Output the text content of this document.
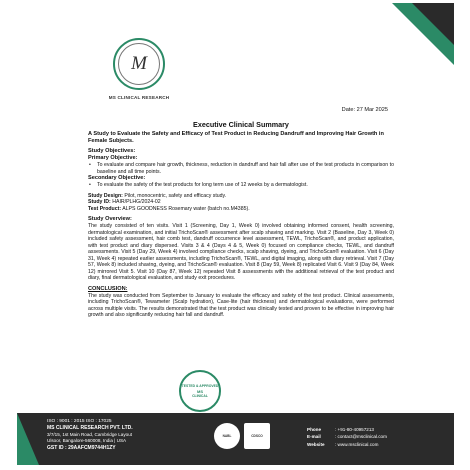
M
MS CLINICAL RESEARCH
Date: 27 Mar 2025
Executive Clinical Summary
A Study to Evaluate the Safety and Efficacy of Test Product in Reducing Dandruff and Improving Hair Growth in Female Subjects.
Study Objectives:
Primary Objective:
• To evaluate and compare hair growth, thickness, reduction in dandruff and hair fall after use of the test products in comparison to baseline and all time points.
Secondary Objective:
• To evaluate the safety of the test products for long term use of 12 weeks by a dermatologist.
Study Design: Pilot, monocentric, safety and efficacy study.
Study ID: HAIR/PLHG/2024-02
Test Product: ALPS GOODNESS Rosemary water (batch no.M4385).
Study Overview:

The study consisted of ten visits. Visit 1 (Screening, Day 1, Week 0) involved obtaining informed consent, health screening, dermatological examination, and initial TrichoScan® assessment after scalp shaving and marking. Visit 2 (Baseline, Day 3, Week 0) included safety assessment, hair comb test, dandruff occurrence level assessment, TEWL, TrichoScan®, and product application, with test product and diary dispersed. Visits 3 & 4 (Days 4 & 5, Week 0) focused on compliance checks, TEWL, and dandruff assessments. Visit 5 (Day 29, Week 4) involved compliance checks, scalp shaving, dyeing, and TrichoScan® evaluation. Visit 6 (Day 31, Week 4) repeated earlier assessments, including TrichoScan®, TEWL, and digital imaging, along with diary retrieval. Visit 7 (Day 57, Week 8) included shaving, dyeing, and TrichoScan® evaluation. Visit 8 (Day 59, Week 8) replicated Visit 6. Visit 9 (Day 84, Week 12) mirrored Visit 5. Visit 10 (Day 87, Week 12) repeated Visit 8 assessments with the additional retrieval of the test product and diary, final dermatological evaluation, and study exit procedures.

CONCLUSION:

The study was conducted from September to January to evaluate the efficacy and safety of the test product. Clinical assessments, including TrichoScan®, Tewameter (Scalp hydration), Case-lite (hair thickness) and dermatological evaluations, were performed across multiple visits. The results demonstrated that the test product was clinically tested and proven to be effective in improving hair growth and also significantly reducing hair fall and dandruff.

TESTED & APPROVED
MS
CLINICAL
ISO : 9001 : 2015 ISO : 17025
MS CLINICAL RESEARCH PVT. LTD.
3/7/15, 1st Main Road, Cambridge Layout
Ulsoor, Bangalore-560008, India | USA
GST ID : 29AAFCM9744H1ZY
NABL	CDSCO
Phone	: +91-80-40957213
E-mail	: contact@msclinical.com
Website : www.msclinical.com
